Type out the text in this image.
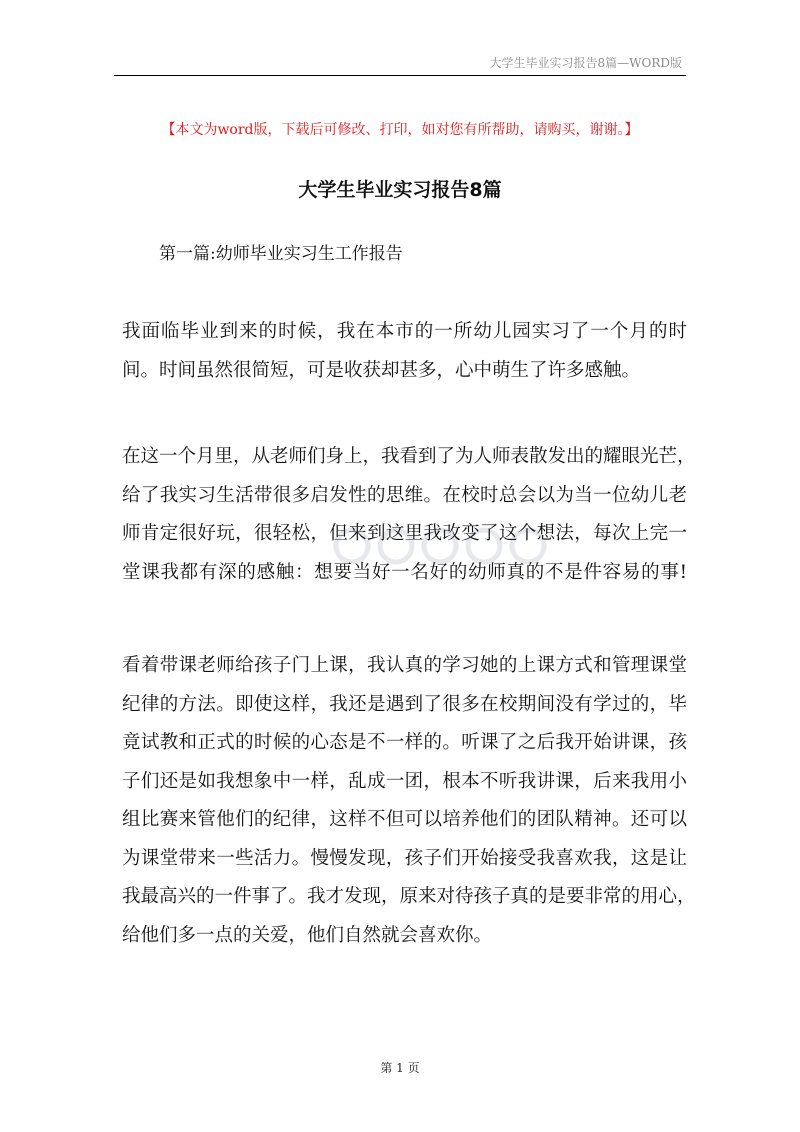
大学生毕业实习报告8篇—WORD版
【本文为word版，下载后可修改、打印，如对您有所帮助，请购买，谢谢。】
大学生毕业实习报告8篇
第一篇:幼师毕业实习生工作报告
我面临毕业到来的时候，我在本市的一所幼儿园实习了一个月的时
间。时间虽然很简短，可是收获却甚多，心中萌生了许多感触。
在这一个月里，从老师们身上，我看到了为人师表散发出的耀眼光芒，
给了我实习生活带很多启发性的思维。在校时总会以为当一位幼儿老
师肯定很好玩，很轻松，但来到这里我改变了这个想法，每次上完一
堂课我都有深的感触：想要当好一名好的幼师真的不是件容易的事!
看着带课老师给孩子门上课，我认真的学习她的上课方式和管理课堂
纪律的方法。即使这样，我还是遇到了很多在校期间没有学过的，毕
竟试教和正式的时候的心态是不一样的。听课了之后我开始讲课，孩
子们还是如我想象中一样，乱成一团，根本不听我讲课，后来我用小
组比赛来管他们的纪律，这样不但可以培养他们的团队精神。还可以
为课堂带来一些活力。慢慢发现，孩子们开始接受我喜欢我，这是让
我最高兴的一件事了。我才发现，原来对待孩子真的是要非常的用心，
给他们多一点的关爱，他们自然就会喜欢你。
第 1 页
